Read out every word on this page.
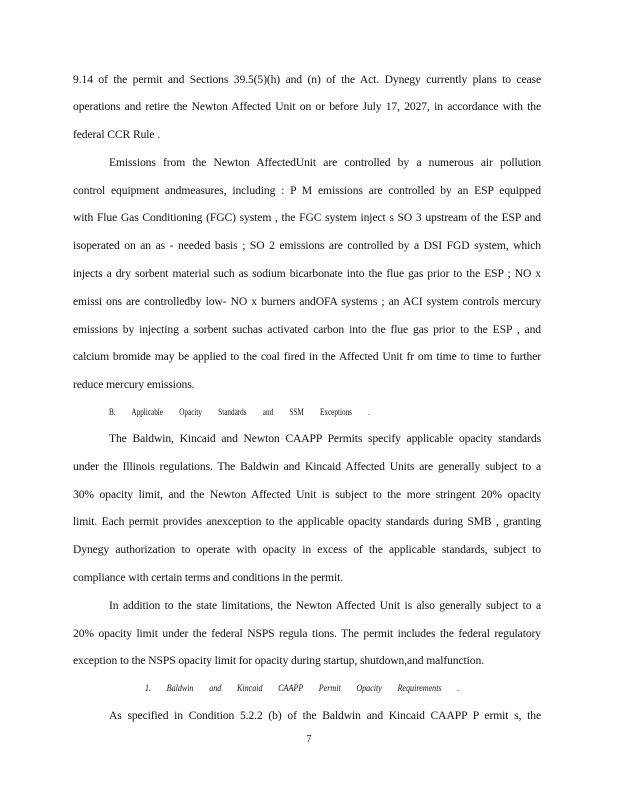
9.14 of the permit and Sections 39.5(5)(h) and (n) of the Act. Dynegy currently plans to cease
operations and retire the Newton Affected Unit on or before July 17, 2027, in accordance with the
federal CCR Rule .
Emissions from the Newton AffectedUnit are controlled by a numerous air pollution
control equipment andmeasures, including : P M emissions are controlled by an ESP equipped
with Flue Gas Conditioning (FGC) system , the FGC system inject s SO 3 upstream of the ESP and
isoperated on an as - needed basis ; SO 2 emissions are controlled by a DSI FGD system, which
injects a dry sorbent material such as sodium bicarbonate into the flue gas prior to the ESP ; NO x
emissi ons are controlledby low- NO x burners andOFA systems ; an ACI system controls mercury
emissions by injecting a sorbent suchas activated carbon into the flue gas prior to the ESP , and
calcium bromide may be applied to the coal fired in the Affected Unit fr om time to time to further
reduce mercury emissions.
B. Applicable Opacity Standards and SSM Exceptions .
The Baldwin, Kincaid and Newton CAAPP Permits specify applicable opacity standards
under the Illinois regulations. The Baldwin and Kincaid Affected Units are generally subject to a
30% opacity limit, and the Newton Affected Unit is subject to the more stringent 20% opacity
limit. Each permit provides anexception to the applicable opacity standards during SMB , granting
Dynegy authorization to operate with opacity in excess of the applicable standards, subject to
compliance with certain terms and conditions in the permit.
In addition to the state limitations, the Newton Affected Unit is also generally subject to a
20% opacity limit under the federal NSPS regula tions. The permit includes the federal regulatory
exception to the NSPS opacity limit for opacity during startup, shutdown,and malfunction.
1. Baldwin and Kincaid CAAPP Permit Opacity Requirements .
As specified in Condition 5.2.2 (b) of the Baldwin and Kincaid CAAPP P ermit s, the
7
